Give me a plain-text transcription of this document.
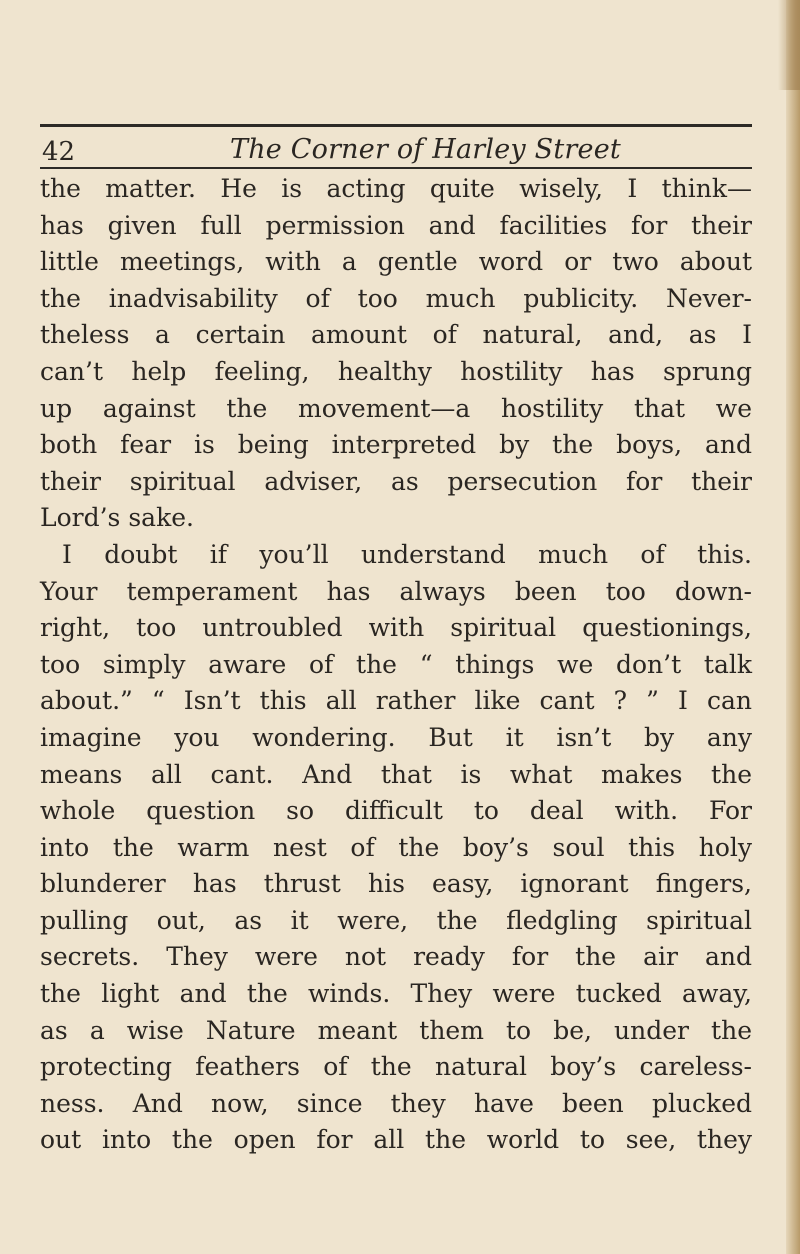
42	The Corner of Harley Street
the matter. He is acting quite wisely, I think—
has given full permission and facilities for their
little meetings, with a gentle word or two about
the inadvisability of too much publicity. Never-
theless a certain amount of natural, and, as I
can’t help feeling, healthy hostility has sprung
up against the movement—a hostility that we
both fear is being interpreted by the boys, and
their spiritual adviser, as persecution for their
Lord’s sake.
I doubt if you’ll understand much of this.
Your temperament has always been too down-
right, too untroubled with spiritual questionings,
too simply aware of the “ things we don’t talk
about.” “ Isn’t this all rather like cant ? ” I can
imagine you wondering. But it isn’t by any
means all cant. And that is what makes the
whole question so difficult to deal with. For
into the warm nest of the boy’s soul this holy
blunderer has thrust his easy, ignorant fingers,
pulling out, as it were, the fledgling spiritual
secrets. They were not ready for the air and
the light and the winds. They were tucked away,
as a wise Nature meant them to be, under the
protecting feathers of the natural boy’s careless-
ness. And now, since they have been plucked
out into the open for all the world to see, they
